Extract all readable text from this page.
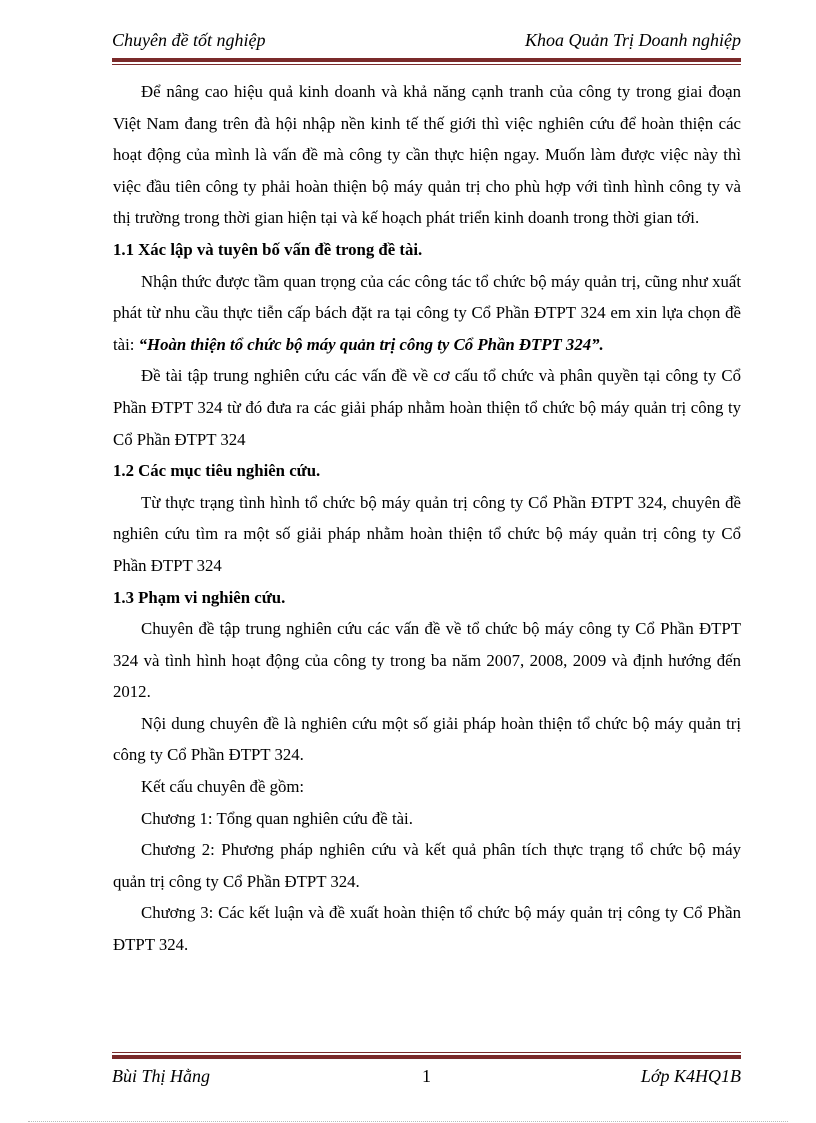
Chuyên đề tốt nghiệp	Khoa Quản Trị Doanh nghiệp

Để nâng cao hiệu quả kinh doanh và khả năng cạnh tranh của công ty trong giai đoạn Việt Nam đang trên đà hội nhập nền kinh tế thế giới thì việc nghiên cứu để hoàn thiện các hoạt động của mình là vấn đề mà công ty cần thực hiện ngay. Muốn làm được việc này thì việc đầu tiên công ty phải hoàn thiện bộ máy quản trị cho phù hợp với tình hình công ty và thị trường trong thời gian hiện tại và kế hoạch phát triển kinh doanh trong thời gian tới.

1.1 Xác lập và tuyên bố vấn đề trong đề tài.

Nhận thức được tầm quan trọng của các công tác tổ chức bộ máy quản trị, cũng như xuất phát từ nhu cầu thực tiễn cấp bách đặt ra tại công ty Cổ Phần ĐTPT 324 em xin lựa chọn đề tài: “Hoàn thiện tổ chức bộ máy quản trị công ty Cổ Phần ĐTPT 324”.

Đề tài tập trung nghiên cứu các vấn đề về cơ cấu tổ chức và phân quyền tại công ty Cổ Phần ĐTPT 324 từ đó đưa ra các giải pháp nhằm hoàn thiện tổ chức bộ máy quản trị công ty Cổ Phần ĐTPT 324

1.2 Các mục tiêu nghiên cứu.

Từ thực trạng tình hình tổ chức bộ máy quản trị công ty Cổ Phần ĐTPT 324, chuyên đề nghiên cứu tìm ra một số giải pháp nhằm hoàn thiện tổ chức bộ máy quản trị công ty Cổ Phần ĐTPT 324

1.3 Phạm vi nghiên cứu.

Chuyên đề tập trung nghiên cứu các vấn đề về tổ chức bộ máy công ty Cổ Phần ĐTPT 324 và tình hình hoạt động của công ty trong ba năm 2007, 2008, 2009 và định hướng đến 2012.

Nội dung chuyên đề là nghiên cứu một số giải pháp hoàn thiện tổ chức bộ máy quản trị công ty Cổ Phần ĐTPT 324.

Kết cấu chuyên đề gồm:

Chương 1: Tổng quan nghiên cứu đề tài.

Chương 2: Phương pháp nghiên cứu và kết quả phân tích thực trạng tổ chức bộ máy quản trị công ty Cổ Phần ĐTPT 324.

Chương 3: Các kết luận và đề xuất hoàn thiện tổ chức bộ máy quản trị công ty Cổ Phần ĐTPT 324.

Bùi Thị Hằng	1	Lớp K4HQ1B
